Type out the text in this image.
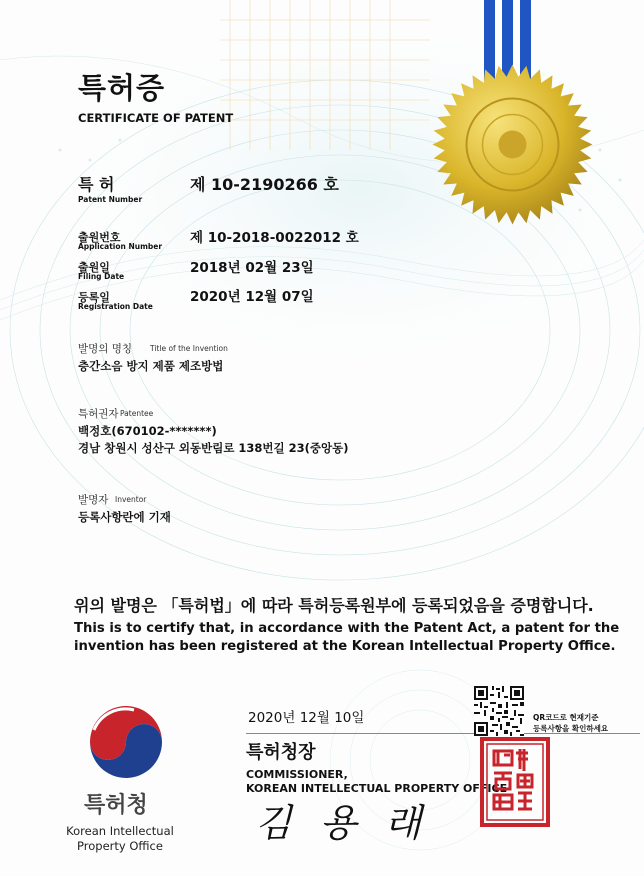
특허증
CERTIFICATE OF PATENT
특 허
Patent Number
제 10-2190266 호
출원번호
Application Number
제 10-2018-0022012 호
출원일
Filing Date
2018년 02월 23일
등록일
Registration Date
2020년 12월 07일
발명의 명칭 Title of the Invention
층간소음 방지 제품 제조방법
특허권자 Patentee
백정호(670102-*******)
경남 창원시 성산구 외동반림로 138번길 23(중앙동)
발명자 Inventor
등록사항란에 기재
위의 발명은 「특허법」에 따라 특허등록원부에 등록되었음을 증명합니다.
This is to certify that, in accordance with the Patent Act, a patent for the
invention has been registered at the Korean Intellectual Property Office.
2020년 12월 10일	QR코드로 현재기준
등록사항을 확인하세요
특허청장
COMMISSIONER,
KOREAN INTELLECTUAL PROPERTY OFFICE
김 용 래
특허청
Korean Intellectual
Property Office
